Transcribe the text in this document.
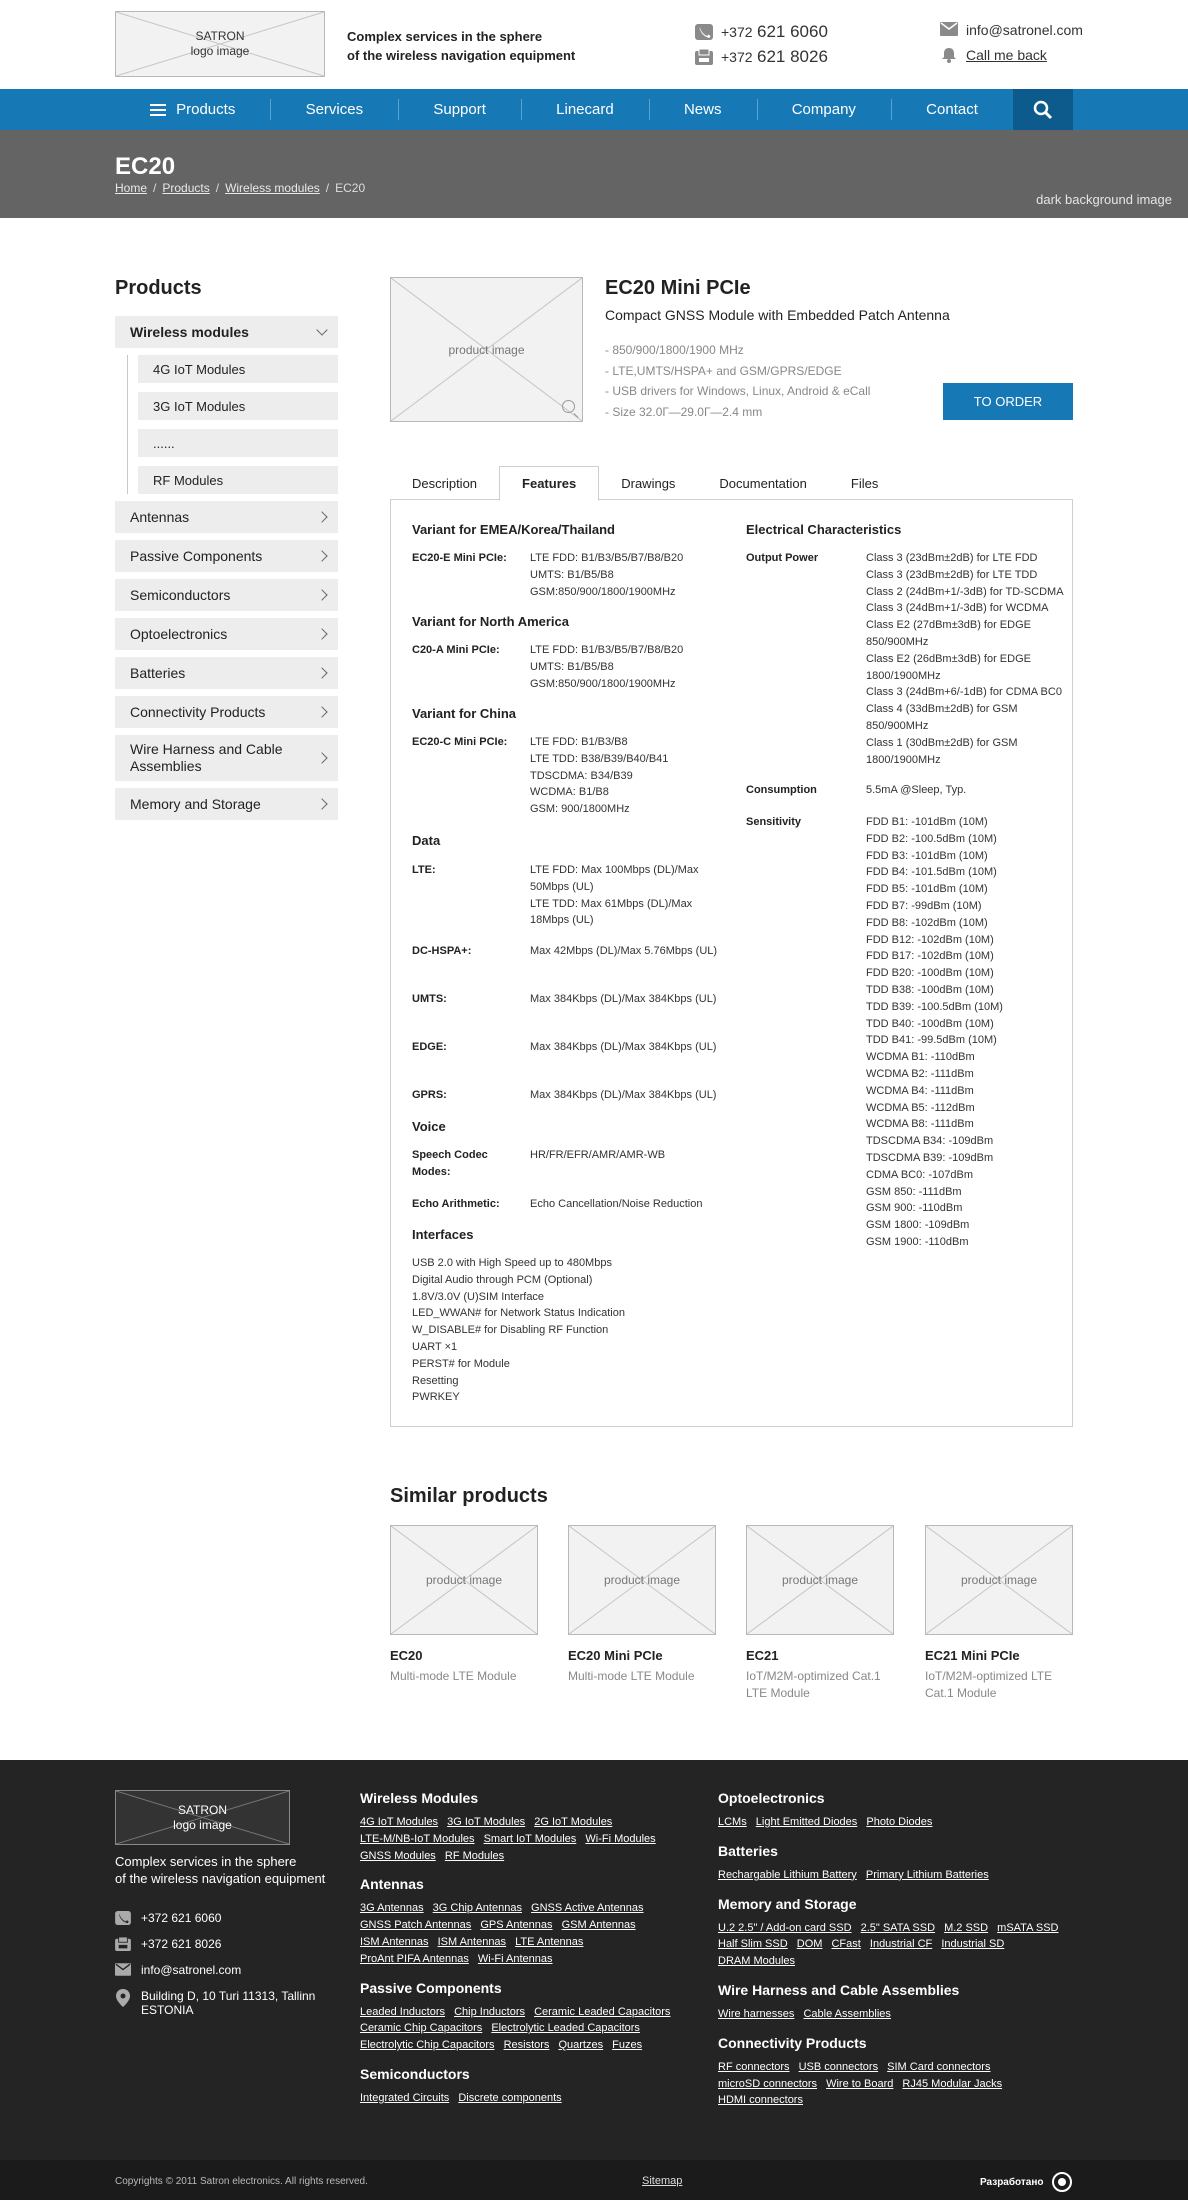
SATRON
logo image
Complex services in the sphere
of the wireless navigation equipment
+372 621 6060
+372 621 8026
info@satronel.com
Call me back
Products	Services	Support	Linecard	News	Company	Contact
EC20
Home / Products / Wireless modules / EC20
dark background image
Products
Wireless modules
4G IoT Modules
3G IoT Modules
......
RF Modules
Antennas
Passive Components
Semiconductors
Optoelectronics
Batteries
Connectivity Products
Wire Harness and Cable Assemblies
Memory and Storage
product image
EC20 Mini PCIe
Compact GNSS Module with Embedded Patch Antenna
- 850/900/1800/1900 MHz
- LTE,UMTS/HSPA+ and GSM/GPRS/EDGE
- USB drivers for Windows, Linux, Android & eCall
- Size 32.0Г—29.0Г—2.4 mm
TO ORDER
Description	Features	Drawings	Documentation	Files
Variant for EMEA/Korea/Thailand
EC20-E Mini PCIe: LTE FDD: B1/B3/B5/B7/B8/B20
UMTS: B1/B5/B8
GSM:850/900/1800/1900MHz
Variant for North America
C20-A Mini PCIe:	LTE FDD: B1/B3/B5/B7/B8/B20
UMTS: B1/B5/B8
GSM:850/900/1800/1900MHz
Variant for China
EC20-C Mini PCIe: LTE FDD: B1/B3/B8
LTE TDD: B38/B39/B40/B41
TDSCDMA: B34/B39
WCDMA: B1/B8
GSM: 900/1800MHz
Data
LTE:	LTE FDD: Max 100Mbps (DL)/Max
50Mbps (UL)
LTE TDD: Max 61Mbps (DL)/Max
18Mbps (UL)
DC-HSPA+:	Max 42Mbps (DL)/Max 5.76Mbps (UL)
UMTS:	Max 384Kbps (DL)/Max 384Kbps (UL)
EDGE:	Max 384Kbps (DL)/Max 384Kbps (UL)
GPRS:	Max 384Kbps (DL)/Max 384Kbps (UL)
Voice
Speech Codec
Modes:
HR/FR/EFR/AMR/AMR-WB
Echo Arithmetic:	Echo Cancellation/Noise Reduction
Interfaces
USB 2.0 with High Speed up to 480Mbps
Digital Audio through PCM (Optional)
1.8V/3.0V (U)SIM Interface
LED_WWAN# for Network Status Indication
W_DISABLE# for Disabling RF Function
UART ×1
PERST# for Module
Resetting
PWRKEY
Electrical Characteristics
Output Power	Class 3 (23dBm±2dB) for LTE FDD
Class 3 (23dBm±2dB) for LTE TDD
Class 2 (24dBm+1/-3dB) for TD-SCDMA
Class 3 (24dBm+1/-3dB) for WCDMA
Class E2 (27dBm±3dB) for EDGE
850/900MHz
Class E2 (26dBm±3dB) for EDGE
1800/1900MHz
Class 3 (24dBm+6/-1dB) for CDMA BC0
Class 4 (33dBm±2dB) for GSM
850/900MHz
Class 1 (30dBm±2dB) for GSM
1800/1900MHz
Consumption	5.5mA @Sleep, Typ.
Sensitivity	FDD B1: -101dBm (10M)
FDD B2: -100.5dBm (10M)
FDD B3: -101dBm (10M)
FDD B4: -101.5dBm (10M)
FDD B5: -101dBm (10M)
FDD B7: -99dBm (10M)
FDD B8: -102dBm (10M)
FDD B12: -102dBm (10M)
FDD B17: -102dBm (10M)
FDD B20: -100dBm (10M)
TDD B38: -100dBm (10M)
TDD B39: -100.5dBm (10M)
TDD B40: -100dBm (10M)
TDD B41: -99.5dBm (10M)
WCDMA B1: -110dBm
WCDMA B2: -111dBm
WCDMA B4: -111dBm
WCDMA B5: -112dBm
WCDMA B8: -111dBm
TDSCDMA B34: -109dBm
TDSCDMA B39: -109dBm
CDMA BC0: -107dBm
GSM 850: -111dBm
GSM 900: -110dBm
GSM 1800: -109dBm
GSM 1900: -110dBm
Similar products
product image
EC20
Multi-mode LTE Module
product image
EC20 Mini PCIe
Multi-mode LTE Module
product image
EC21
IoT/M2M-optimized Cat.1
LTE Module
product image
EC21 Mini PCIe
IoT/M2M-optimized LTE
Cat.1 Module
SATRON
logo image
Complex services in the sphere
of the wireless navigation equipment
+372 621 6060
+372 621 8026
info@satronel.com
Building D, 10 Turi 11313, Tallinn
ESTONIA
Wireless Modules
4G IoT Modules 3G IoT Modules 2G IoT Modules LTE-M/NB-IoT Modules Smart IoT Modules Wi-Fi Modules GNSS Modules RF Modules
Antennas
3G Antennas 3G Chip Antennas GNSS Active Antennas GNSS Patch Antennas GPS Antennas GSM Antennas ISM Antennas ISM Antennas LTE Antennas ProAnt PIFA Antennas Wi-Fi Antennas
Passive Components
Leaded Inductors Chip Inductors Ceramic Leaded Capacitors Ceramic Chip Capacitors Electrolytic Leaded Capacitors Electrolytic Chip Capacitors Resistors Quartzes Fuzes
Semiconductors
Integrated Circuits Discrete components
Optoelectronics
LCMs Light Emitted Diodes Photo Diodes
Batteries
Rechargable Lithium Battery Primary Lithium Batteries
Memory and Storage
U.2 2.5" / Add-on card SSD 2.5" SATA SSD M.2 SSD mSATA SSD Half Slim SSD DOM CFast Industrial CF Industrial SD DRAM Modules
Wire Harness and Cable Assemblies
Wire harnesses Cable Assemblies
Connectivity Products
RF connectors USB connectors SIM Card connectors microSD connectors Wire to Board RJ45 Modular Jacks HDMI connectors
Copyrights © 2011 Satron electronics. All rights reserved.	Sitemap	Разработано
